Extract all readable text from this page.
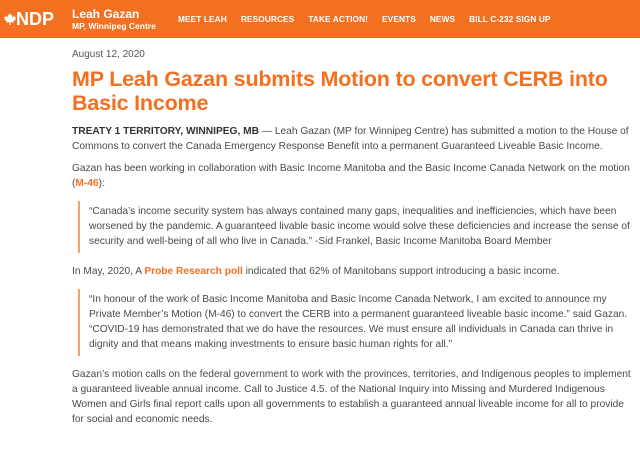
NDP Leah Gazan
MP, Winnipeg Centre
MEET LEAH RESOURCES TAKE ACTION! EVENTS NEWS BILL C-232 SIGN UP
August 12, 2020
MP Leah Gazan submits Motion to convert CERB into Basic Income

TREATY 1 TERRITORY, WINNIPEG, MB — Leah Gazan (MP for Winnipeg Centre) has submitted a motion to the House of Commons to convert the Canada Emergency Response Benefit into a permanent Guaranteed Liveable Basic Income.

Gazan has been working in collaboration with Basic Income Manitoba and the Basic Income Canada Network on the motion (M-46):

“Canada’s income security system has always contained many gaps, inequalities and inefficiencies, which have been worsened by the pandemic. A guaranteed livable basic income would solve these deficiencies and increase the sense of security and well-being of all who live in Canada.” -Sid Frankel, Basic Income Manitoba Board Member

In May, 2020, A Probe Research poll indicated that 62% of Manitobans support introducing a basic income.

“In honour of the work of Basic Income Manitoba and Basic Income Canada Network, I am excited to announce my Private Member’s Motion (M-46) to convert the CERB into a permanent guaranteed liveable basic income.” said Gazan. “COVID-19 has demonstrated that we do have the resources. We must ensure all individuals in Canada can thrive in dignity and that means making investments to ensure basic human rights for all.”

Gazan’s motion calls on the federal government to work with the provinces, territories, and Indigenous peoples to implement a guaranteed liveable annual income. Call to Justice 4.5. of the National Inquiry into Missing and Murdered Indigenous Women and Girls final report calls upon all governments to establish a guaranteed annual liveable income for all to provide for social and economic needs.
